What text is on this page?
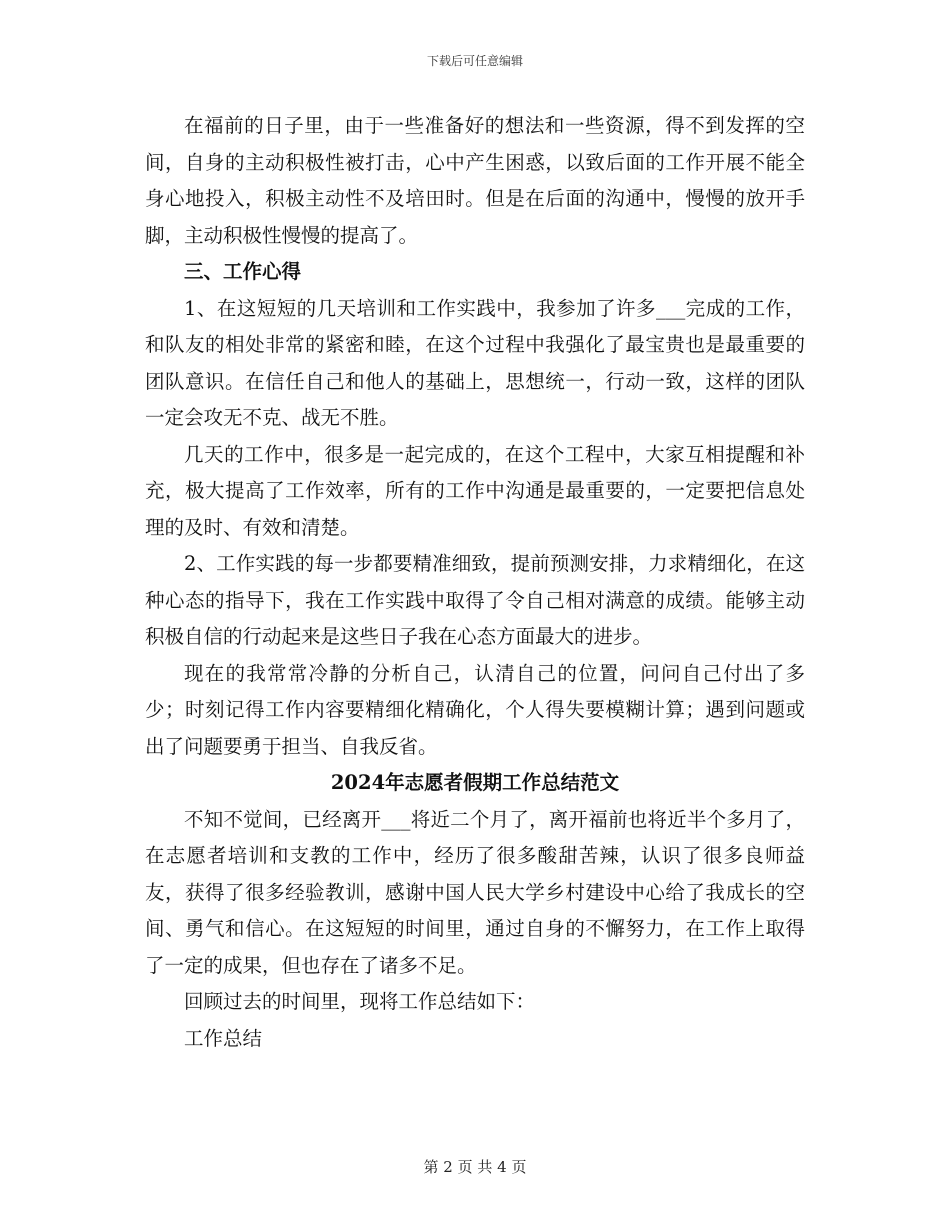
下载后可任意编辑

在福前的日子里，由于一些准备好的想法和一些资源，得不到发挥的空间，自身的主动积极性被打击，心中产生困惑，以致后面的工作开展不能全身心地投入，积极主动性不及培田时。但是在后面的沟通中，慢慢的放开手脚，主动积极性慢慢的提高了。

三、工作心得

1、在这短短的几天培训和工作实践中，我参加了许多___完成的工作，和队友的相处非常的紧密和睦，在这个过程中我强化了最宝贵也是最重要的团队意识。在信任自己和他人的基础上，思想统一，行动一致，这样的团队一定会攻无不克、战无不胜。

几天的工作中，很多是一起完成的，在这个工程中，大家互相提醒和补充，极大提高了工作效率，所有的工作中沟通是最重要的，一定要把信息处理的及时、有效和清楚。

2、工作实践的每一步都要精准细致，提前预测安排，力求精细化，在这种心态的指导下，我在工作实践中取得了令自己相对满意的成绩。能够主动积极自信的行动起来是这些日子我在心态方面最大的进步。

现在的我常常冷静的分析自己，认清自己的位置，问问自己付出了多少；时刻记得工作内容要精细化精确化，个人得失要模糊计算；遇到问题或出了问题要勇于担当、自我反省。

2024年志愿者假期工作总结范文

不知不觉间，已经离开___将近二个月了，离开福前也将近半个多月了，在志愿者培训和支教的工作中，经历了很多酸甜苦辣，认识了很多良师益友，获得了很多经验教训，感谢中国人民大学乡村建设中心给了我成长的空间、勇气和信心。在这短短的时间里，通过自身的不懈努力，在工作上取得了一定的成果，但也存在了诸多不足。

回顾过去的时间里，现将工作总结如下：

工作总结

第 2 页 共 4 页
